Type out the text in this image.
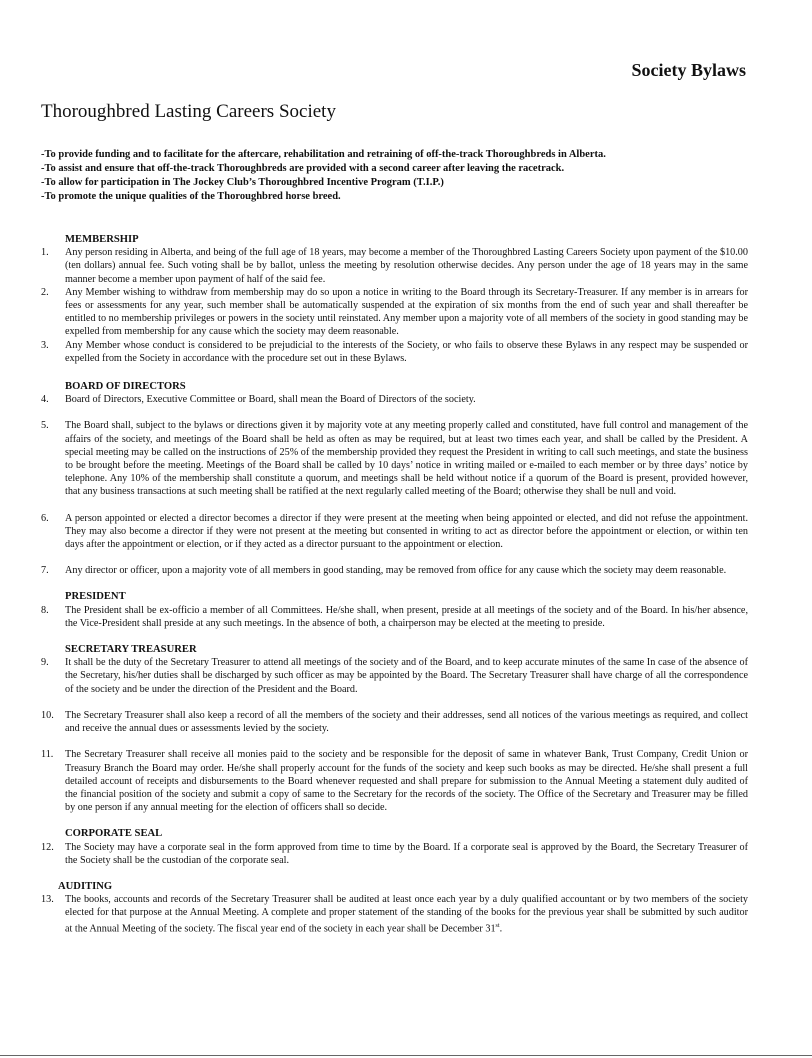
Society Bylaws
Thoroughbred Lasting Careers Society
-To provide funding and to facilitate for the aftercare, rehabilitation and retraining of off-the-track Thoroughbreds in Alberta.
-To assist and ensure that off-the-track Thoroughbreds are provided with a second career after leaving the racetrack.
-To allow for participation in The Jockey Club’s Thoroughbred Incentive Program (T.I.P.)
-To promote the unique qualities of the Thoroughbred horse breed.
MEMBERSHIP
1.	Any person residing in Alberta, and being of the full age of 18 years, may become a member of the Thoroughbred Lasting Careers Society upon payment of the $10.00 (ten dollars) annual fee. Such voting shall be by ballot, unless the meeting by resolution otherwise decides. Any person under the age of 18 years may in the same manner become a member upon payment of half of the said fee.
2.	Any Member wishing to withdraw from membership may do so upon a notice in writing to the Board through its Secretary-Treasurer. If any member is in arrears for fees or assessments for any year, such member shall be automatically suspended at the expiration of six months from the end of such year and shall thereafter be entitled to no membership privileges or powers in the society until reinstated. Any member upon a majority vote of all members of the society in good standing may be expelled from membership for any cause which the society may deem reasonable.
3.	Any Member whose conduct is considered to be prejudicial to the interests of the Society, or who fails to observe these Bylaws in any respect may be suspended or expelled from the Society in accordance with the procedure set out in these Bylaws.
BOARD OF DIRECTORS
4.	Board of Directors, Executive Committee or Board, shall mean the Board of Directors of the society.
5.	The Board shall, subject to the bylaws or directions given it by majority vote at any meeting properly called and constituted, have full control and management of the affairs of the society, and meetings of the Board shall be held as often as may be required, but at least two times each year, and shall be called by the President. A special meeting may be called on the instructions of 25% of the membership provided they request the President in writing to call such meetings, and state the business to be brought before the meeting. Meetings of the Board shall be called by 10 days’ notice in writing mailed or e-mailed to each member or by three days’ notice by telephone. Any 10% of the membership shall constitute a quorum, and meetings shall be held without notice if a quorum of the Board is present, provided however, that any business transactions at such meeting shall be ratified at the next regularly called meeting of the Board; otherwise they shall be null and void.
6.	A person appointed or elected a director becomes a director if they were present at the meeting when being appointed or elected, and did not refuse the appointment. They may also become a director if they were not present at the meeting but consented in writing to act as director before the appointment or election, or within ten days after the appointment or election, or if they acted as a director pursuant to the appointment or election.
7.	Any director or officer, upon a majority vote of all members in good standing, may be removed from office for any cause which the society may deem reasonable.
PRESIDENT
8.	The President shall be ex-officio a member of all Committees. He/she shall, when present, preside at all meetings of the society and of the Board. In his/her absence, the Vice-President shall preside at any such meetings. In the absence of both, a chairperson may be elected at the meeting to preside.
SECRETARY TREASURER
9.	It shall be the duty of the Secretary Treasurer to attend all meetings of the society and of the Board, and to keep accurate minutes of the same In case of the absence of the Secretary, his/her duties shall be discharged by such officer as may be appointed by the Board. The Secretary Treasurer shall have charge of all the correspondence of the society and be under the direction of the President and the Board.
10.	The Secretary Treasurer shall also keep a record of all the members of the society and their addresses, send all notices of the various meetings as required, and collect and receive the annual dues or assessments levied by the society.
11.	The Secretary Treasurer shall receive all monies paid to the society and be responsible for the deposit of same in whatever Bank, Trust Company, Credit Union or Treasury Branch the Board may order. He/she shall properly account for the funds of the society and keep such books as may be directed. He/she shall present a full detailed account of receipts and disbursements to the Board whenever requested and shall prepare for submission to the Annual Meeting a statement duly audited of the financial position of the society and submit a copy of same to the Secretary for the records of the society. The Office of the Secretary and Treasurer may be filled by one person if any annual meeting for the election of officers shall so decide.
CORPORATE SEAL
12.	The Society may have a corporate seal in the form approved from time to time by the Board. If a corporate seal is approved by the Board, the Secretary Treasurer of the Society shall be the custodian of the corporate seal.
AUDITING
13.	The books, accounts and records of the Secretary Treasurer shall be audited at least once each year by a duly qualified accountant or by two members of the society elected for that purpose at the Annual Meeting. A complete and proper statement of the standing of the books for the previous year shall be submitted by such auditor at the Annual Meeting of the society. The fiscal year end of the society in each year shall be December 31st.
